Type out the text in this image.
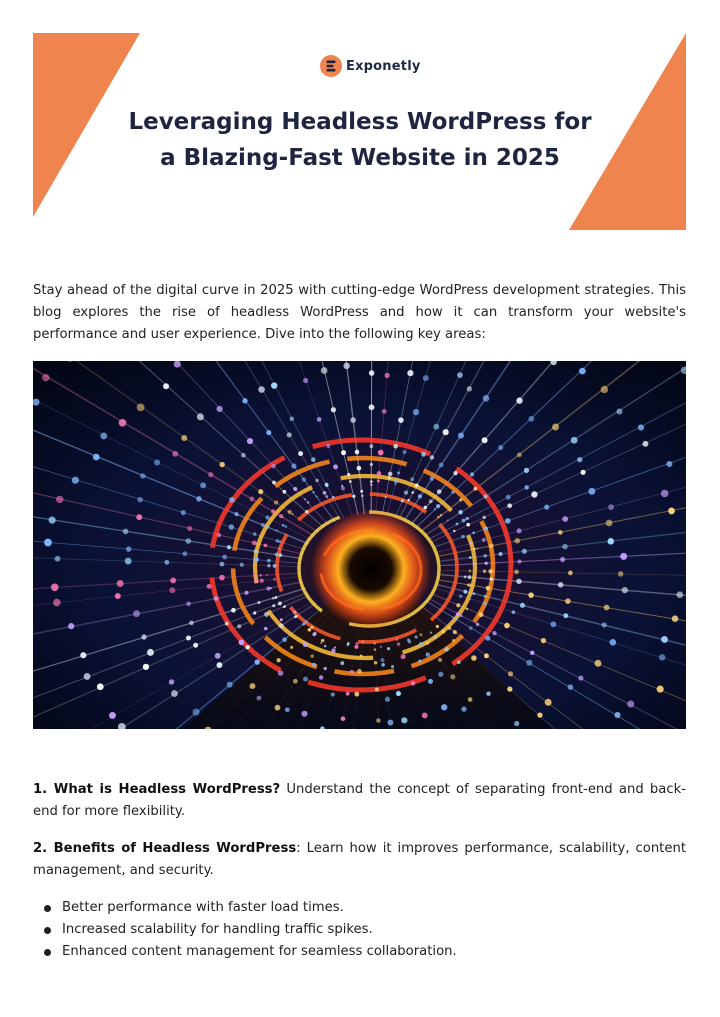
Exponetly
Leveraging Headless WordPress for
a Blazing-Fast Website in 2025

Stay ahead of the digital curve in 2025 with cutting-edge WordPress development strategies. This blog explores the rise of headless WordPress and how it can transform your website's performance and user experience. Dive into the following key areas:

1. What is Headless WordPress? Understand the concept of separating front-end and back-end for more flexibility.

2. Benefits of Headless WordPress: Learn how it improves performance, scalability, content management, and security.

Better performance with faster load times.
Increased scalability for handling traffic spikes.
Enhanced content management for seamless collaboration.
